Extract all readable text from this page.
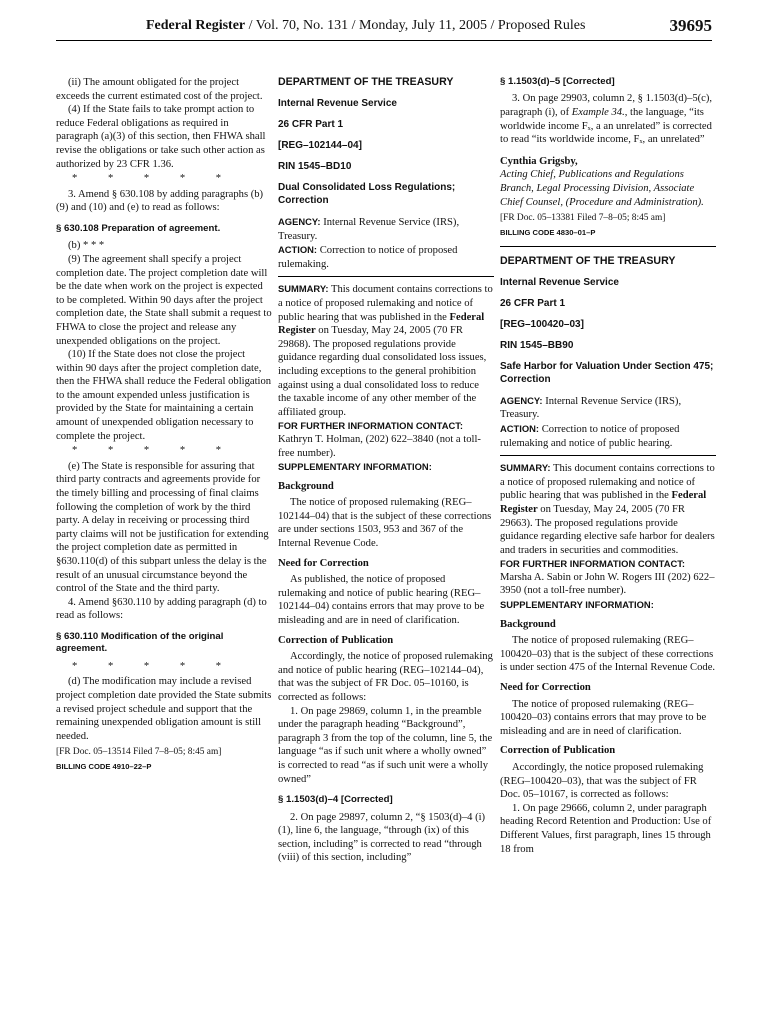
Federal Register / Vol. 70, No. 131 / Monday, July 11, 2005 / Proposed Rules	39695

(ii) The amount obligated for the project exceeds the current estimated cost of the project.

(4) If the State fails to take prompt action to reduce Federal obligations as required in paragraph (a)(3) of this section, then FHWA shall revise the obligations or take such other action as authorized by 23 CFR 1.36.

* * * * *

3. Amend § 630.108 by adding paragraphs (b)(9) and (10) and (e) to read as follows:

§ 630.108 Preparation of agreement.

(b) * * *

(9) The agreement shall specify a project completion date. The project completion date will be the date when work on the project is expected to be completed. Within 90 days after the project completion date, the State shall submit a request to FHWA to close the project and release any unexpended obligations on the project.

(10) If the State does not close the project within 90 days after the project completion date, then the FHWA shall reduce the Federal obligation to the amount expended unless justification is provided by the State for maintaining a certain amount of unexpended obligation necessary to complete the project.

* * * * *

(e) The State is responsible for assuring that third party contracts and agreements provide for the timely billing and processing of final claims following the completion of work by the third party. A delay in receiving or processing third party claims will not be justification for extending the project completion date as permitted in §630.110(d) of this subpart unless the delay is the result of an unusual circumstance beyond the control of the State and the third party.

4. Amend §630.110 by adding paragraph (d) to read as follows:

§ 630.110 Modification of the original agreement.
* * * * *

(d) The modification may include a revised project completion date provided the State submits a revised project schedule and support that the remaining unexpended obligation amount is still needed.

[FR Doc. 05–13514 Filed 7–8–05; 8:45 am]
BILLING CODE 4910–22–P
DEPARTMENT OF THE TREASURY
Internal Revenue Service
26 CFR Part 1
[REG–102144–04]
RIN 1545–BD10
Dual Consolidated Loss Regulations; Correction

AGENCY: Internal Revenue Service (IRS), Treasury.

ACTION: Correction to notice of proposed rulemaking.

SUMMARY: This document contains corrections to a notice of proposed rulemaking and notice of public hearing that was published in the Federal Register on Tuesday, May 24, 2005 (70 FR 29868). The proposed regulations provide guidance regarding dual consolidated loss issues, including exceptions to the general prohibition against using a dual consolidated loss to reduce the taxable income of any other member of the affiliated group.

FOR FURTHER INFORMATION CONTACT:

Kathryn T. Holman, (202) 622–3840 (not a toll-free number).

SUPPLEMENTARY INFORMATION:

Background

The notice of proposed rulemaking (REG–102144–04) that is the subject of these corrections are under sections 1503, 953 and 367 of the Internal Revenue Code.

Need for Correction

As published, the notice of proposed rulemaking and notice of public hearing (REG–102144–04) contains errors that may prove to be misleading and are in need of clarification.

Correction of Publication

Accordingly, the notice of proposed rulemaking and notice of public hearing (REG–102144–04), that was the subject of FR Doc. 05–10160, is corrected as follows:

1. On page 29869, column 1, in the preamble under the paragraph heading “Background”, paragraph 3 from the top of the column, line 5, the language “as if such unit where a wholly owned” is corrected to read “as if such unit were a wholly owned”

§ 1.1503(d)–4 [Corrected]

2. On page 29897, column 2, “§ 1503(d)–4 (i)(1), line 6, the language, “through (ix) of this section, including” is corrected to read “through (viii) of this section, including”

§ 1.1503(d)–5 [Corrected]

3. On page 29903, column 2, § 1.1503(d)–5(c), paragraph (i), of Example 34., the language, “its worldwide income Fₓ, a an unrelated” is corrected to read “its worldwide income, Fₓ, an unrelated”

Cynthia Grigsby,
Acting Chief, Publications and Regulations Branch, Legal Processing Division, Associate Chief Counsel, (Procedure and Administration).
[FR Doc. 05–13381 Filed 7–8–05; 8:45 am]
BILLING CODE 4830–01–P
DEPARTMENT OF THE TREASURY
Internal Revenue Service
26 CFR Part 1
[REG–100420–03]
RIN 1545–BB90
Safe Harbor for Valuation Under Section 475; Correction

AGENCY: Internal Revenue Service (IRS), Treasury.

ACTION: Correction to notice of proposed rulemaking and notice of public hearing.

SUMMARY: This document contains corrections to a notice of proposed rulemaking and notice of public hearing that was published in the Federal Register on Tuesday, May 24, 2005 (70 FR 29663). The proposed regulations provide guidance regarding elective safe harbor for dealers and traders in securities and commodities.

FOR FURTHER INFORMATION CONTACT:

Marsha A. Sabin or John W. Rogers III (202) 622–3950 (not a toll-free number).

SUPPLEMENTARY INFORMATION:

Background

The notice of proposed rulemaking (REG–100420–03) that is the subject of these corrections is under section 475 of the Internal Revenue Code.

Need for Correction

The notice of proposed rulemaking (REG–100420–03) contains errors that may prove to be misleading and are in need of clarification.

Correction of Publication

Accordingly, the notice proposed rulemaking (REG–100420–03), that was the subject of FR Doc. 05–10167, is corrected as follows:

1. On page 29666, column 2, under paragraph heading Record Retention and Production: Use of Different Values, first paragraph, lines 15 through 18 from
